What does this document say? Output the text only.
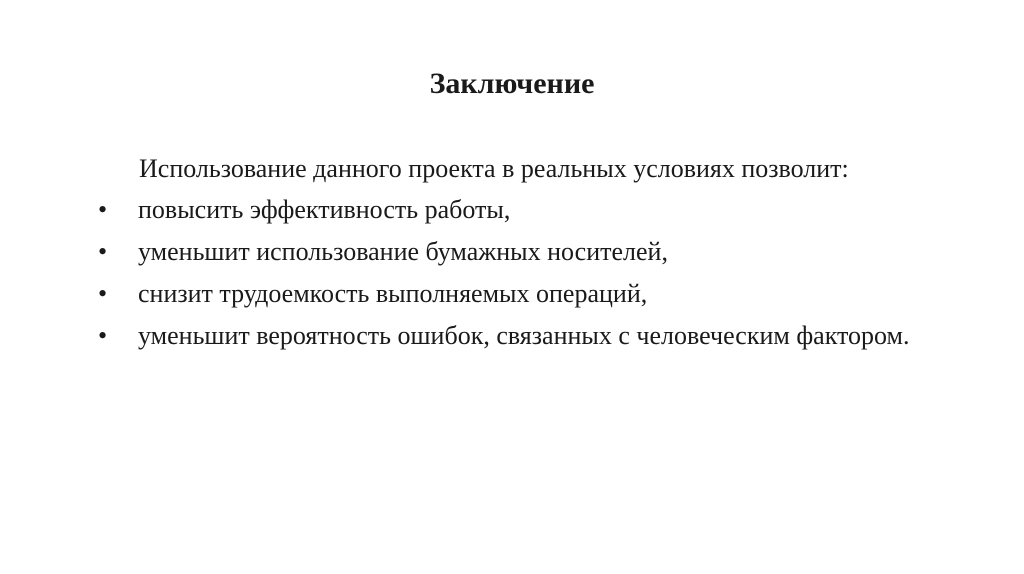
Заключение

Использование данного проекта в реальных условиях позволит:

• повысить эффективность работы,
• уменьшит использование бумажных носителей,
• снизит трудоемкость выполняемых операций,
• уменьшит вероятность ошибок, связанных с человеческим фактором.
